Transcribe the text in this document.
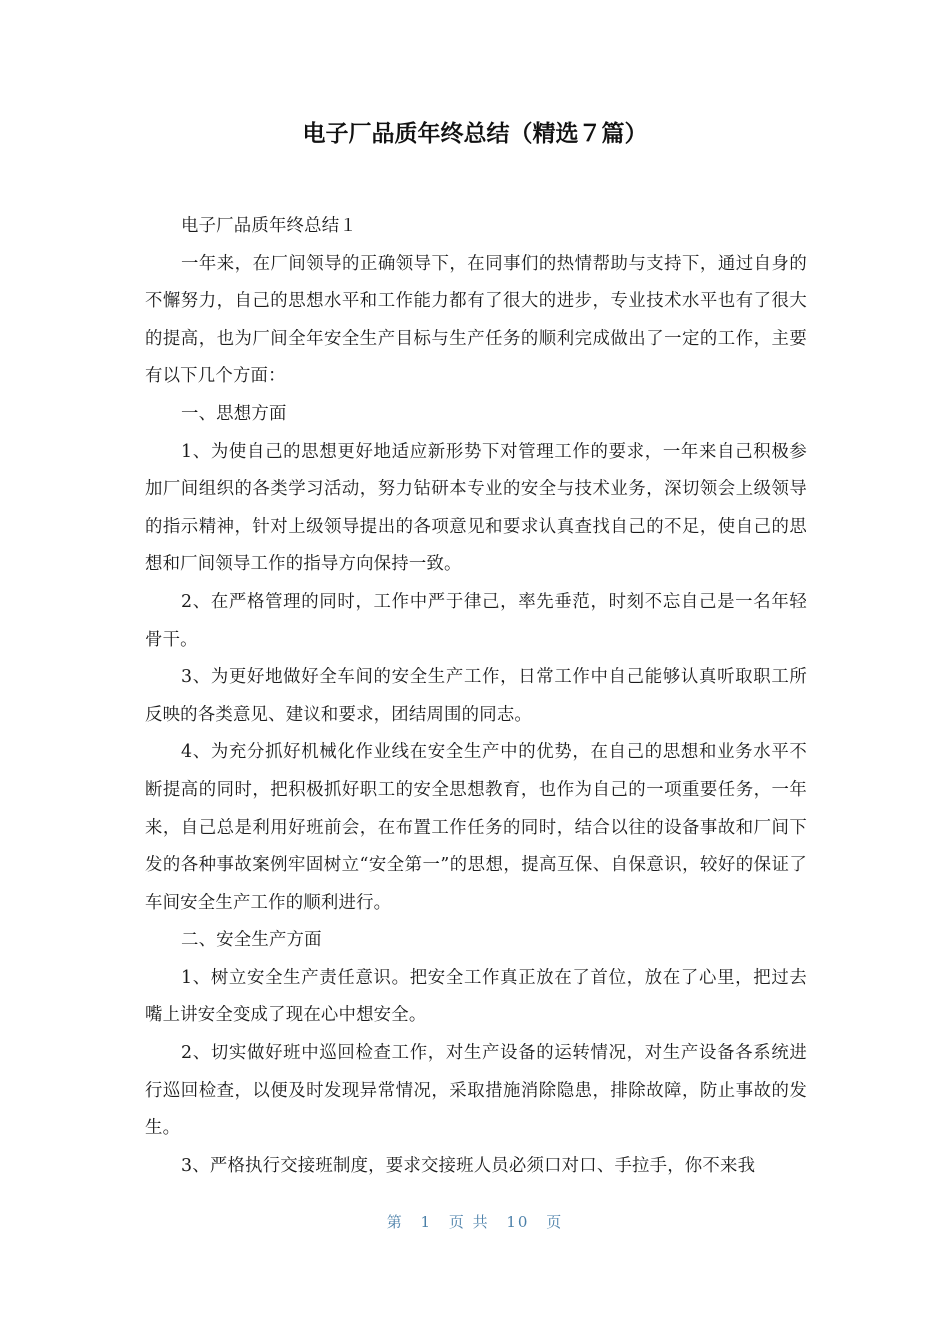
电子厂品质年终总结（精选７篇）

电子厂品质年终总结１

一年来，在厂间领导的正确领导下，在同事们的热情帮助与支持下，通过自身的不懈努力，自己的思想水平和工作能力都有了很大的进步，专业技术水平也有了很大的提高，也为厂间全年安全生产目标与生产任务的顺利完成做出了一定的工作，主要有以下几个方面：

一、思想方面

1、为使自己的思想更好地适应新形势下对管理工作的要求，一年来自己积极参加厂间组织的各类学习活动，努力钻研本专业的安全与技术业务，深切领会上级领导的指示精神，针对上级领导提出的各项意见和要求认真查找自己的不足，使自己的思想和厂间领导工作的指导方向保持一致。

2、在严格管理的同时，工作中严于律己，率先垂范，时刻不忘自己是一名年轻骨干。

3、为更好地做好全车间的安全生产工作，日常工作中自己能够认真听取职工所反映的各类意见、建议和要求，团结周围的同志。

4、为充分抓好机械化作业线在安全生产中的优势，在自己的思想和业务水平不断提高的同时，把积极抓好职工的安全思想教育，也作为自己的一项重要任务，一年来，自己总是利用好班前会，在布置工作任务的同时，结合以往的设备事故和厂间下发的各种事故案例牢固树立“安全第一”的思想，提高互保、自保意识，较好的保证了车间安全生产工作的顺利进行。

二、安全生产方面

1、树立安全生产责任意识。把安全工作真正放在了首位，放在了心里，把过去嘴上讲安全变成了现在心中想安全。

2、切实做好班中巡回检查工作，对生产设备的运转情况，对生产设备各系统进行巡回检查，以便及时发现异常情况，采取措施消除隐患，排除故障，防止事故的发生。

3、严格执行交接班制度，要求交接班人员必须口对口、手拉手，你不来我

第 1 页 共 10 页
